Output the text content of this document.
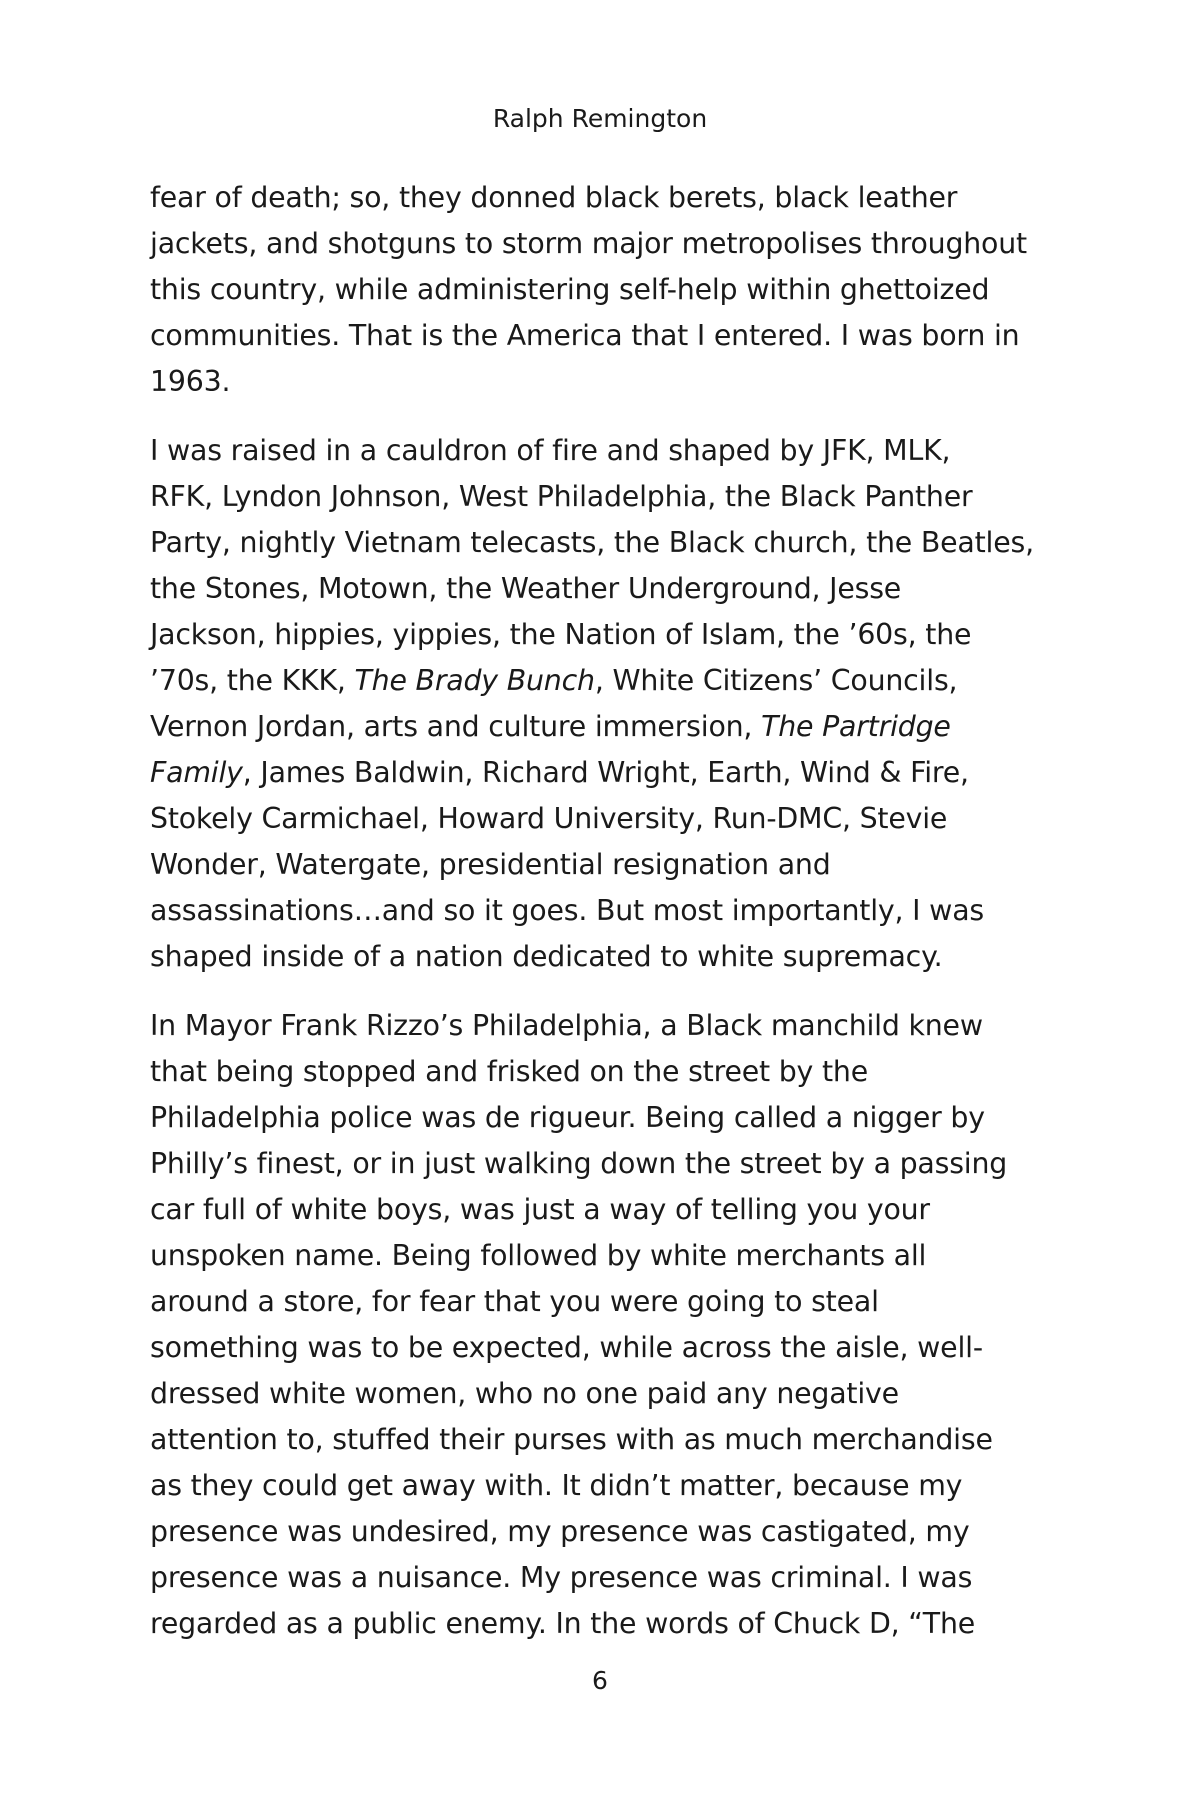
Ralph Remington

fear of death; so, they donned black berets, black leather
jackets, and shotguns to storm major metropolises throughout
this country, while administering self-help within ghettoized
communities. That is the America that I entered. I was born in
1963.

I was raised in a cauldron of fire and shaped by JFK, MLK,
RFK, Lyndon Johnson, West Philadelphia, the Black Panther
Party, nightly Vietnam telecasts, the Black church, the Beatles,
the Stones, Motown, the Weather Underground, Jesse
Jackson, hippies, yippies, the Nation of Islam, the ’60s, the
’70s, the KKK, The Brady Bunch, White Citizens’ Councils,
Vernon Jordan, arts and culture immersion, The Partridge
Family, James Baldwin, Richard Wright, Earth, Wind & Fire,
Stokely Carmichael, Howard University, Run-DMC, Stevie
Wonder, Watergate, presidential resignation and
assassinations…and so it goes. But most importantly, I was
shaped inside of a nation dedicated to white supremacy.

In Mayor Frank Rizzo’s Philadelphia, a Black manchild knew
that being stopped and frisked on the street by the
Philadelphia police was de rigueur. Being called a nigger by
Philly’s finest, or in just walking down the street by a passing
car full of white boys, was just a way of telling you your
unspoken name. Being followed by white merchants all
around a store, for fear that you were going to steal
something was to be expected, while across the aisle, well-
dressed white women, who no one paid any negative
attention to, stuffed their purses with as much merchandise
as they could get away with. It didn’t matter, because my
presence was undesired, my presence was castigated, my
presence was a nuisance. My presence was criminal. I was
regarded as a public enemy. In the words of Chuck D, “The

6
